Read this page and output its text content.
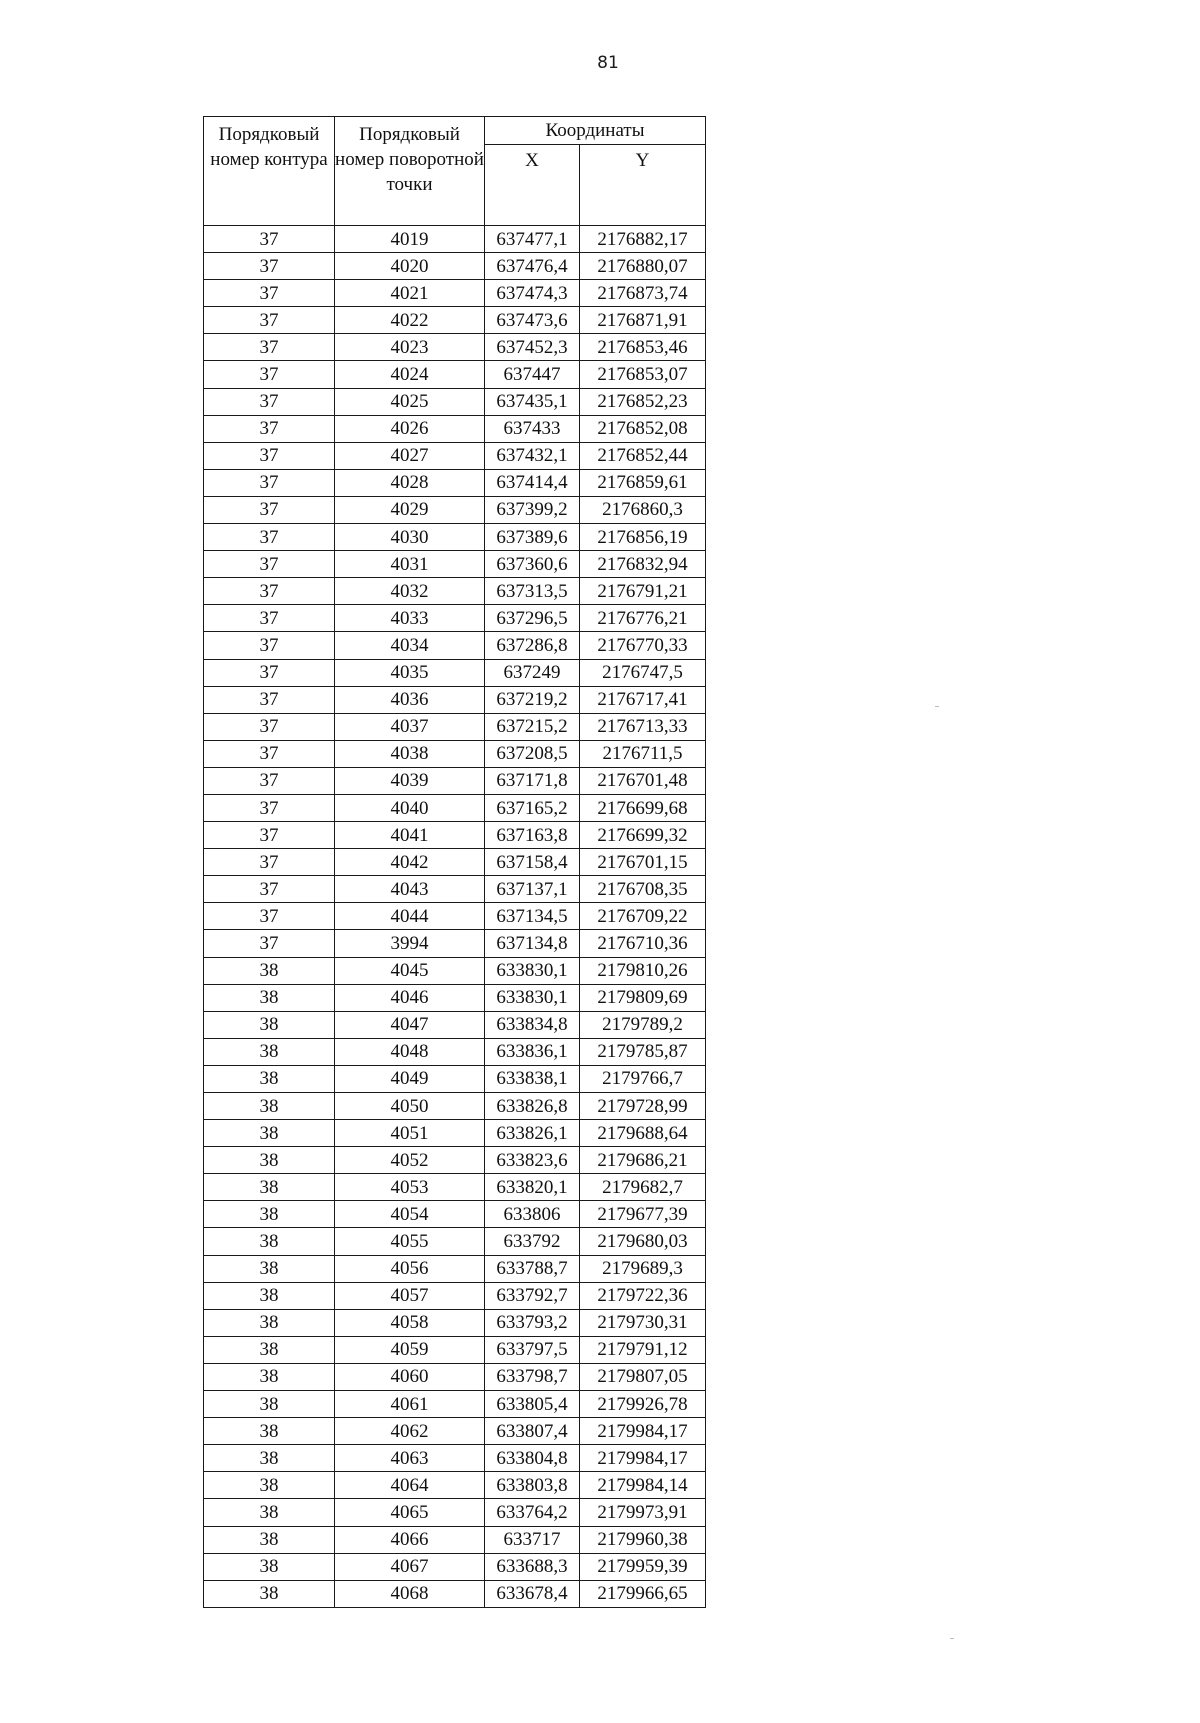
81
Порядковый номер контура	Порядковый номер поворотной точки	Координаты	
		X	Y
37	4019	637477,1	2176882,17
37	4020	637476,4	2176880,07
37	4021	637474,3	2176873,74
37	4022	637473,6	2176871,91
37	4023	637452,3	2176853,46
37	4024	637447	2176853,07
37	4025	637435,1	2176852,23
37	4026	637433	2176852,08
37	4027	637432,1	2176852,44
37	4028	637414,4	2176859,61
37	4029	637399,2	2176860,3
37	4030	637389,6	2176856,19
37	4031	637360,6	2176832,94
37	4032	637313,5	2176791,21
37	4033	637296,5	2176776,21
37	4034	637286,8	2176770,33
37	4035	637249	2176747,5
37	4036	637219,2	2176717,41
37	4037	637215,2	2176713,33
37	4038	637208,5	2176711,5
37	4039	637171,8	2176701,48
37	4040	637165,2	2176699,68
37	4041	637163,8	2176699,32
37	4042	637158,4	2176701,15
37	4043	637137,1	2176708,35
37	4044	637134,5	2176709,22
37	3994	637134,8	2176710,36
38	4045	633830,1	2179810,26
38	4046	633830,1	2179809,69
38	4047	633834,8	2179789,2
38	4048	633836,1	2179785,87
38	4049	633838,1	2179766,7
38	4050	633826,8	2179728,99
38	4051	633826,1	2179688,64
38	4052	633823,6	2179686,21
38	4053	633820,1	2179682,7
38	4054	633806	2179677,39
38	4055	633792	2179680,03
38	4056	633788,7	2179689,3
38	4057	633792,7	2179722,36
38	4058	633793,2	2179730,31
38	4059	633797,5	2179791,12
38	4060	633798,7	2179807,05
38	4061	633805,4	2179926,78
38	4062	633807,4	2179984,17
38	4063	633804,8	2179984,17
38	4064	633803,8	2179984,14
38	4065	633764,2	2179973,91
38	4066	633717	2179960,38
38	4067	633688,3	2179959,39
38	4068	633678,4	2179966,65
